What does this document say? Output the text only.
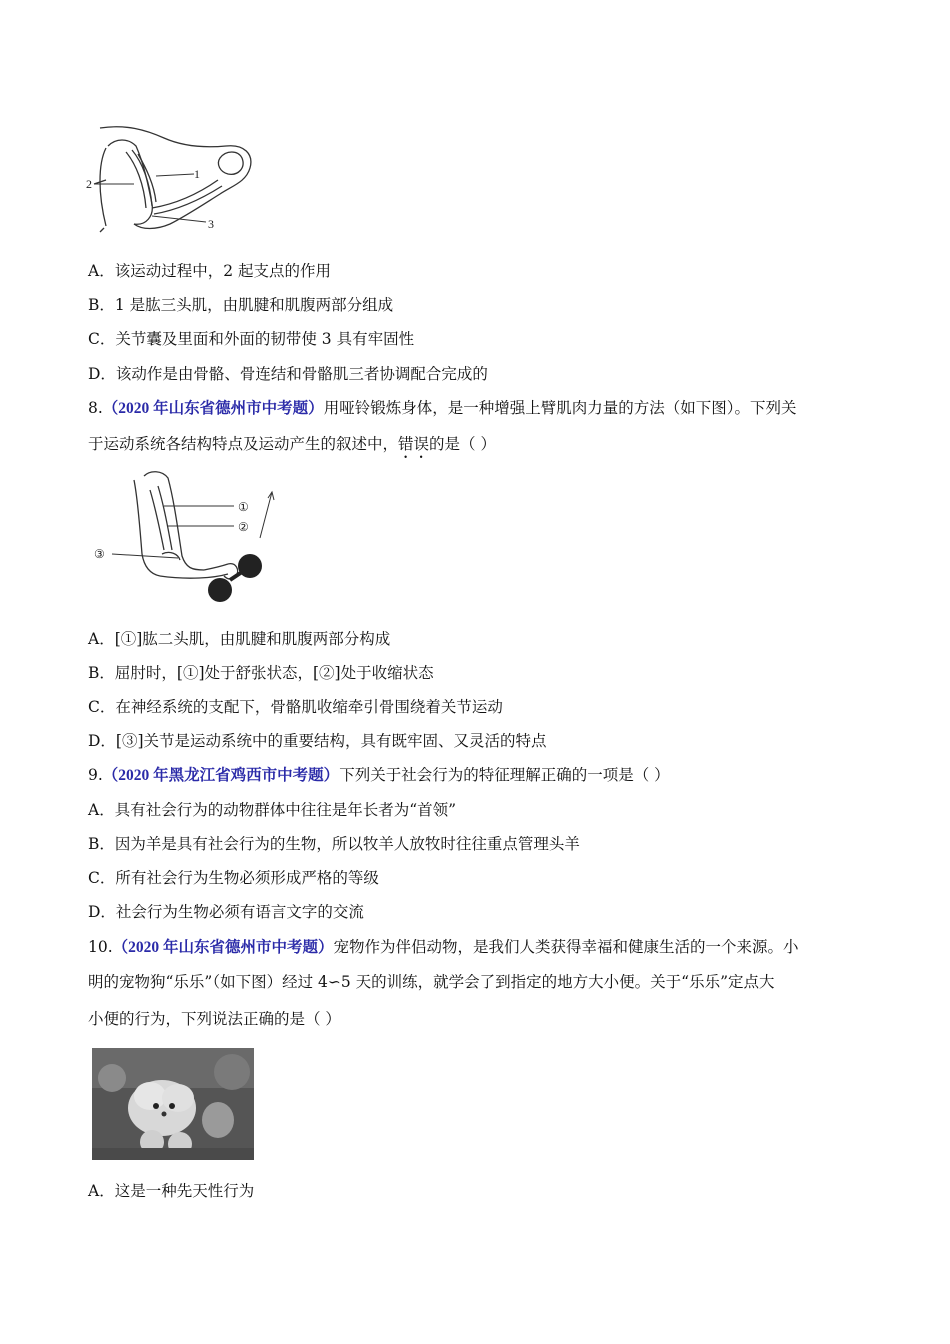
1
2
3
A．该运动过程中，2 起支点的作用
B．1 是肱三头肌，由肌腱和肌腹两部分组成
C．关节囊及里面和外面的韧带使 3 具有牢固性
D．该动作是由骨骼、骨连结和骨骼肌三者协调配合完成的
8.（2020 年山东省德州市中考题）用哑铃锻炼身体，是一种增强上臂肌肉力量的方法（如下图）。下列关
于运动系统各结构特点及运动产生的叙述中，错误的是（ ）
①
②
③
A．[①]肱二头肌，由肌腱和肌腹两部分构成
B．屈肘时，[①]处于舒张状态，[②]处于收缩状态
C．在神经系统的支配下，骨骼肌收缩牵引骨围绕着关节运动
D．[③]关节是运动系统中的重要结构，具有既牢固、又灵活的特点
9.（2020 年黑龙江省鸡西市中考题）下列关于社会行为的特征理解正确的一项是（ ）
A．具有社会行为的动物群体中往往是年长者为“首领”
B．因为羊是具有社会行为的生物，所以牧羊人放牧时往往重点管理头羊
C．所有社会行为生物必须形成严格的等级
D．社会行为生物必须有语言文字的交流
10.（2020 年山东省德州市中考题）宠物作为伴侣动物，是我们人类获得幸福和健康生活的一个来源。小
明的宠物狗“乐乐”（如下图）经过 4∽5 天的训练，就学会了到指定的地方大小便。关于“乐乐”定点大
小便的行为，下列说法正确的是（ ）
A．这是一种先天性行为
